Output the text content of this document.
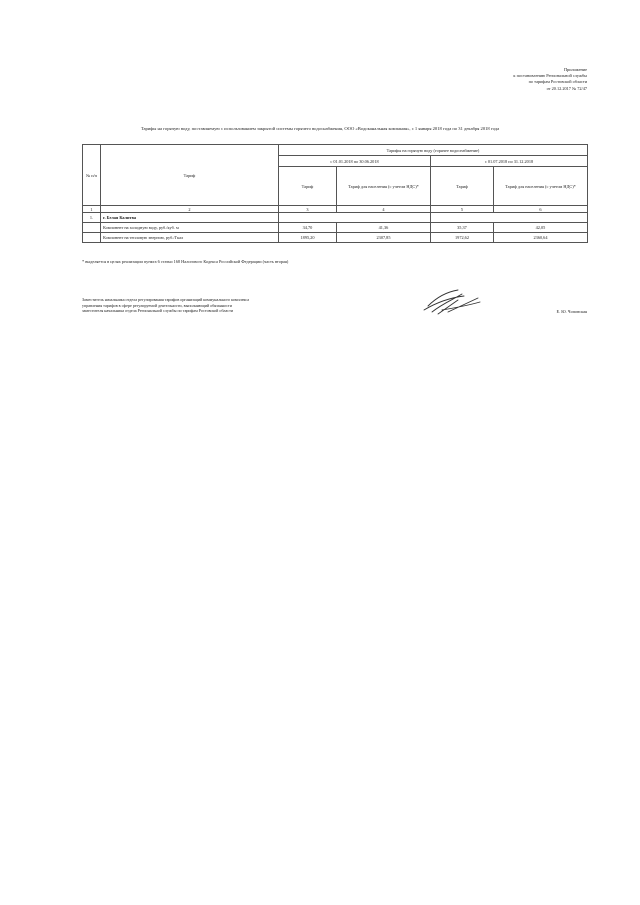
Приложение
к постановлению Региональной службы
по тарифам Ростовской области
от 20.12.2017 № 72/47
Тарифы на горячую воду, поставляемую с использованием закрытой системы горячего водоснабжения, ООО «Водоканальная компания», с 1 января 2018 года по 31 декабря 2018 года
№ п/п	Тариф	Тарифы на горячую воду (горячее водоснабжение)			
		с 01.01.2018 по 30.06.2018		с 01.07.2018 по 31.12.2018	
		Тариф	Тариф для населения (с учетом НДС)*	Тариф	Тариф для населения (с учетом НДС)*
1	2	3	4	5	6
1.	г. Белая Калитва				
	Компонент на холодную воду, руб./куб. м	34,70	41,36	35,37	42,05
	Компонент на тепловую энергию, руб./Гкал	1895,20	2307,85	1972,62	2360,64
* выделяется в целях реализации пункта 6 статьи 168 Налогового Кодекса Российской Федерации (часть вторая)
Заместитель начальника отдела регулирования тарифов организаций коммунального комплекса
управления тарифов в сфере регулируемой деятельности, выполняющий обязанности
заместителя начальника отдела Региональной службы по тарифам Ростовской области	Е. Ю. Чоповская
